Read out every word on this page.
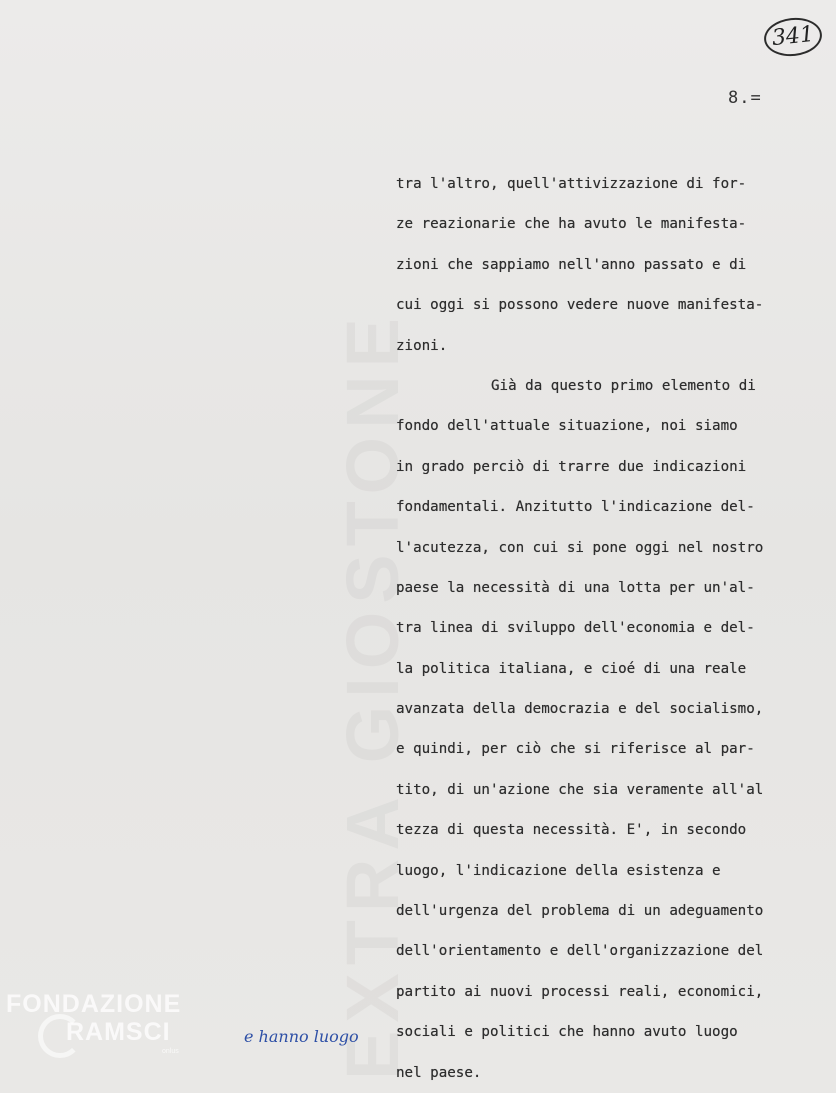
341
8.=
tra l'altro, quell'attivizzazione di for-
ze reazionarie che ha avuto le manifesta-
zioni che sappiamo nell'anno passato e di
cui oggi si possono vedere nuove manifesta-
zioni.
Già da questo primo elemento di
fondo dell'attuale situazione, noi siamo
in grado perciò di trarre due indicazioni
fondamentali. Anzitutto l'indicazione del-
l'acutezza, con cui si pone oggi nel nostro
paese la necessità di una lotta per un'al-
tra linea di sviluppo dell'economia e del-
la politica italiana, e cioé di una reale
avanzata della democrazia e del socialismo,
e quindi, per ciò che si riferisce al par-
tito, di un'azione che sia veramente all'al
tezza di questa necessità. E', in secondo
luogo, l'indicazione della esistenza e
dell'urgenza del problema di un adeguamento
dell'orientamento e dell'organizzazione del
partito ai nuovi processi reali, economici,
sociali e politici che hanno avuto luogo
nel paese.
e hanno luogo
FONDAZIONE
RAMSCI
onlus
